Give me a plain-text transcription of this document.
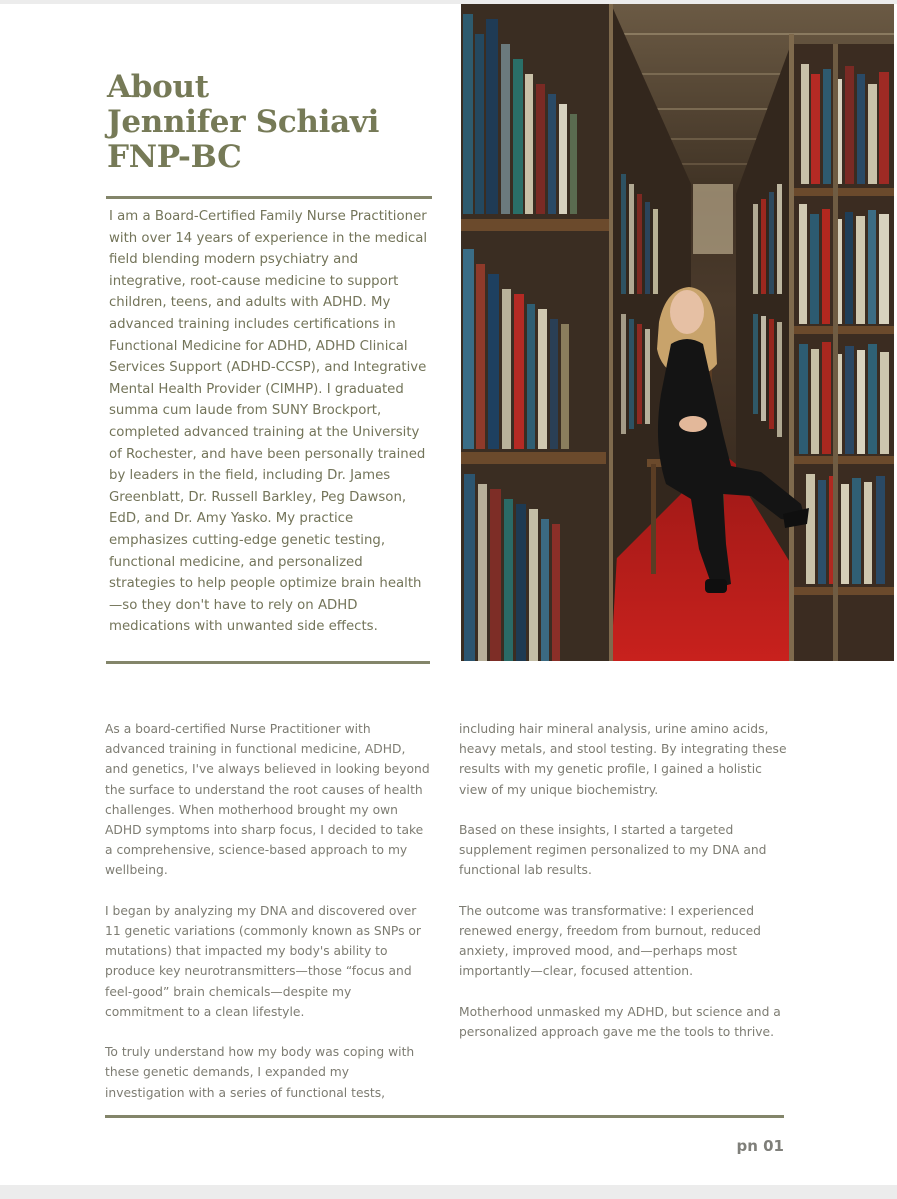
About
Jennifer Schiavi
FNP-BC

I am a Board-Certified Family Nurse Practitioner with over 14 years of experience in the medical field blending modern psychiatry and integrative, root-cause medicine to support children, teens, and adults with ADHD. My advanced training includes certifications in Functional Medicine for ADHD, ADHD Clinical Services Support (ADHD-CCSP), and Integrative Mental Health Provider (CIMHP). I graduated summa cum laude from SUNY Brockport, completed advanced training at the University of Rochester, and have been personally trained by leaders in the field, including Dr. James Greenblatt, Dr. Russell Barkley, Peg Dawson, EdD, and Dr. Amy Yasko. My practice emphasizes cutting-edge genetic testing, functional medicine, and personalized strategies to help people optimize brain health—so they don't have to rely on ADHD medications with unwanted side effects.

As a board-certified Nurse Practitioner with advanced training in functional medicine, ADHD, and genetics, I've always believed in looking beyond the surface to understand the root causes of health challenges. When motherhood brought my own ADHD symptoms into sharp focus, I decided to take a comprehensive, science-based approach to my wellbeing.

I began by analyzing my DNA and discovered over 11 genetic variations (commonly known as SNPs or mutations) that impacted my body's ability to produce key neurotransmitters—those “focus and feel-good” brain chemicals—despite my commitment to a clean lifestyle.

To truly understand how my body was coping with these genetic demands, I expanded my investigation with a series of functional tests,

including hair mineral analysis, urine amino acids, heavy metals, and stool testing. By integrating these results with my genetic profile, I gained a holistic view of my unique biochemistry.

Based on these insights, I started a targeted supplement regimen personalized to my DNA and functional lab results.

The outcome was transformative: I experienced renewed energy, freedom from burnout, reduced anxiety, improved mood, and—perhaps most importantly—clear, focused attention.

Motherhood unmasked my ADHD, but science and a personalized approach gave me the tools to thrive.

pn 01
